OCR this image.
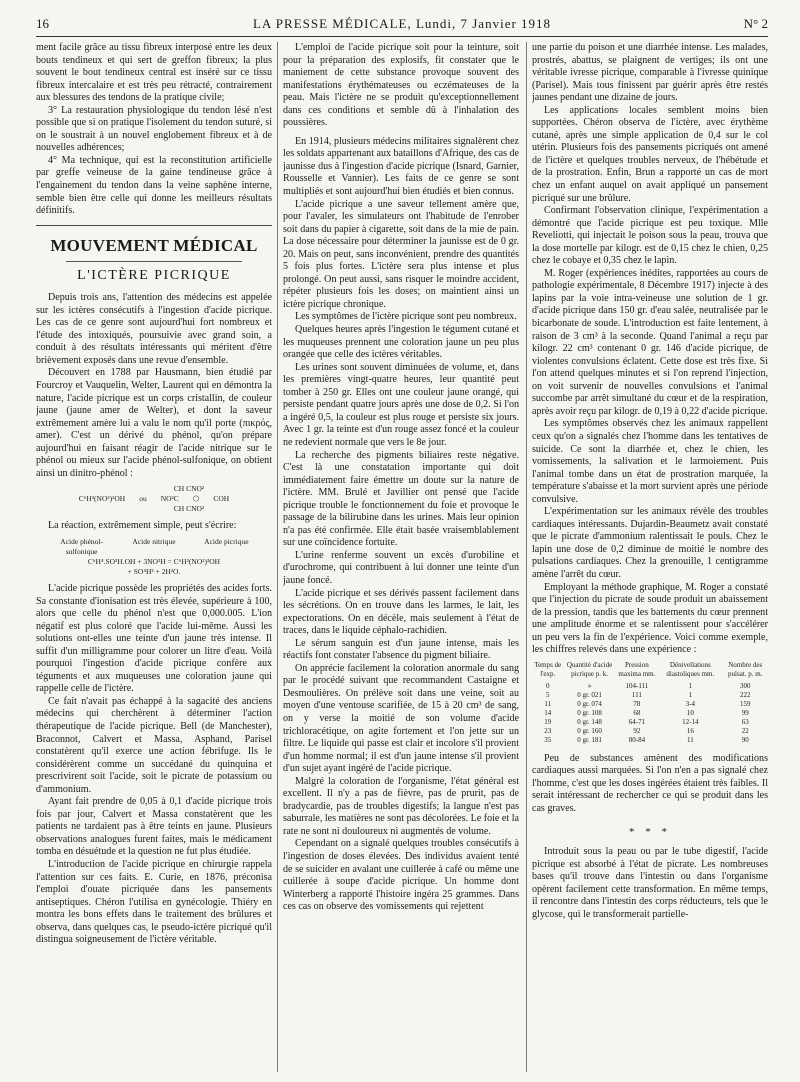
16	LA PRESSE MÉDICALE, Lundi, 7 Janvier 1918	N° 2

ment facile grâce au tissu fibreux interposé entre les deux bouts tendineux et qui sert de greffon fibreux; la plus souvent le bout tendineux central est inséré sur ce tissu fibreux intercalaire et est très peu rétracté, contrairement aux blessures des tendons de la pratique civile;

3° La restauration physiologique du tendon lésé n'est possible que si on pratique l'isolement du tendon suturé, si on le soustrait à un nouvel englobement fibreux et à de nouvelles adhérences;

4° Ma technique, qui est la reconstitution artificielle par greffe veineuse de la gaine tendineuse grâce à l'engainement du tendon dans la veine saphène interne, semble bien être celle qui donne les meilleurs résultats définitifs.

MOUVEMENT MÉDICAL
L'ICTÈRE PICRIQUE

Depuis trois ans, l'attention des médecins est appelée sur les ictères consécutifs à l'ingestion d'acide picrique. Les cas de ce genre sont aujourd'hui fort nombreux et l'étude des intoxiqués, poursuivie avec grand soin, a conduit à des résultats intéressants qui méritent d'être brièvement exposés dans une revue d'ensemble.

Découvert en 1788 par Hausmann, bien étudié par Fourcroy et Vauquelin, Welter, Laurent qui en démontra la nature, l'acide picrique est un corps cristallin, de couleur jaune (jaune amer de Welter), et dont la saveur extrêmement amère lui a valu le nom qu'il porte (πικρός, amer). C'est un dérivé du phénol, qu'on prépare aujourd'hui en faisant réagir de l'acide nitrique sur le phénol ou mieux sur l'acide phénol-sulfonique, on obtient ainsi un dinitro-phénol :

CH CNO²
C⁶H³(NO²)²OH ou NO²C ⬡ COH
CH CNO²

La réaction, extrêmement simple, peut s'écrire:

Acide phénol-sulfonique
Acide nitrique	Acide picrique
C⁶H⁴.SO³H.OH + 3NO³H = C⁶H²(NO²)³OH
+ SO⁴H² + 2H²O.

L'acide picrique possède les propriétés des acides forts. Sa constante d'ionisation est très élevée, supérieure à 100, alors que celle du phénol n'est que 0,000.005. L'ion négatif est plus coloré que l'acide lui-même. Aussi les solutions ont-elles une teinte d'un jaune très intense. Il suffit d'un milligramme pour colorer un litre d'eau. Voilà pourquoi l'ingestion d'acide picrique confère aux téguments et aux muqueuses une coloration jaune qui rappelle celle de l'ictère.

Ce fait n'avait pas échappé à la sagacité des anciens médecins qui cherchèrent à déterminer l'action thérapeutique de l'acide picrique. Bell (de Manchester), Braconnot, Calvert et Massa, Asphand, Parisel constatèrent qu'il exerce une action fébrifuge. Ils le considérèrent comme un succédané du quinquina et prescrivirent soit l'acide, soit le picrate de potassium ou d'ammonium.

Ayant fait prendre de 0,05 à 0,1 d'acide picrique trois fois par jour, Calvert et Massa constatèrent que les patients ne tardaient pas à être teints en jaune. Plusieurs observations analogues furent faites, mais le médicament tomba en désuétude et la question ne fut plus étudiée.

L'introduction de l'acide picrique en chirurgie rappela l'attention sur ces faits. E. Curie, en 1876, préconisa l'emploi d'ouate picriquée dans les pansements antiseptiques. Chéron l'utilisa en gynécologie. Thiéry en montra les bons effets dans le traitement des brûlures et observa, dans quelques cas, le pseudo-ictère picriqué qu'il distingua soigneusement de l'ictère véritable.

L'emploi de l'acide picrique soit pour la teinture, soit pour la préparation des explosifs, fit constater que le maniement de cette substance provoque souvent des manifestations érythémateuses ou eczémateuses de la peau. Mais l'ictère ne se produit qu'exceptionnellement dans ces conditions et semble dû à l'inhalation des poussières.

En 1914, plusieurs médecins militaires signalèrent chez les soldats appartenant aux bataillons d'Afrique, des cas de jaunisse dus à l'ingestion d'acide picrique (Isnard, Garnier, Rousselle et Vannier). Les faits de ce genre se sont multipliés et sont aujourd'hui bien étudiés et bien connus.

L'acide picrique a une saveur tellement amère que, pour l'avaler, les simulateurs ont l'habitude de l'enrober soit dans du papier à cigarette, soit dans de la mie de pain. La dose nécessaire pour déterminer la jaunisse est de 0 gr. 20. Mais on peut, sans inconvénient, prendre des quantités 5 fois plus fortes. L'ictère sera plus intense et plus prolongé. On peut aussi, sans risquer le moindre accident, répéter plusieurs fois les doses; on maintient ainsi un ictère picrique chronique.

Les symptômes de l'ictère picrique sont peu nombreux.

Quelques heures après l'ingestion le tégument cutané et les muqueuses prennent une coloration jaune un peu plus orangée que celle des ictères véritables.

Les urines sont souvent diminuées de volume, et, dans les premières vingt-quatre heures, leur quantité peut tomber à 250 gr. Elles ont une couleur jaune orangé, qui persiste pendant quatre jours après une dose de 0,2. Si l'on a ingéré 0,5, la couleur est plus rouge et persiste six jours. Avec 1 gr. la teinte est d'un rouge assez foncé et la couleur ne redevient normale que vers le 8e jour.

La recherche des pigments biliaires reste négative. C'est là une constatation importante qui doit immédiatement faire émettre un doute sur la nature de l'ictère. MM. Brulé et Javillier ont pensé que l'acide picrique trouble le fonctionnement du foie et provoque le passage de la bilirubine dans les urines. Mais leur opinion n'a pas été confirmée. Elle était basée vraisemblablement sur une coïncidence fortuite.

L'urine renferme souvent un excès d'urobiline et d'urochrome, qui contribuent à lui donner une teinte d'un jaune foncé.

L'acide picrique et ses dérivés passent facilement dans les sécrétions. On en trouve dans les larmes, le lait, les expectorations. On en décèle, mais seulement à l'état de traces, dans le liquide céphalo-rachidien.

Le sérum sanguin est d'un jaune intense, mais les réactifs font constater l'absence du pigment biliaire.

On apprécie facilement la coloration anormale du sang par le procédé suivant que recommandent Castaigne et Desmoulières. On prélève soit dans une veine, soit au moyen d'une ventouse scarifiée, de 15 à 20 cm³ de sang, on y verse la moitié de son volume d'acide trichloracétique, on agite fortement et l'on jette sur un filtre. Le liquide qui passe est clair et incolore s'il provient d'un homme normal; il est d'un jaune intense s'il provient d'un sujet ayant ingéré de l'acide picrique.

Malgré la coloration de l'organisme, l'état général est excellent. Il n'y a pas de fièvre, pas de prurit, pas de bradycardie, pas de troubles digestifs; la langue n'est pas saburrale, les matières ne sont pas décolorées. Le foie et la rate ne sont ni douloureux ni augmentés de volume.

Cependant on a signalé quelques troubles consécutifs à l'ingestion de doses élevées. Des individus avaient tenté de se suicider en avalant une cuillerée à café ou même une cuillerée à soupe d'acide picrique. Un homme dont Winterberg a rapporté l'histoire ingéra 25 grammes. Dans ces cas on observe des vomissements qui rejettent

une partie du poison et une diarrhée intense. Les malades, prostrés, abattus, se plaignent de vertiges; ils ont une véritable ivresse picrique, comparable à l'ivresse quinique (Parisel). Mais tous finissent par guérir après être restés jaunes pendant une dizaine de jours.

Les applications locales semblent moins bien supportées. Chéron observa de l'ictère, avec érythème cutané, après une simple application de 0,4 sur le col utérin. Plusieurs fois des pansements picriqués ont amené de l'ictère et quelques troubles nerveux, de l'hébétude et de la prostration. Enfin, Brun a rapporté un cas de mort chez un enfant auquel on avait appliqué un pansement picriqué sur une brûlure.

Confirmant l'observation clinique, l'expérimentation a démontré que l'acide picrique est peu toxique. Mlle Reveliotti, qui injectait le poison sous la peau, trouva que la dose mortelle par kilogr. est de 0,15 chez le chien, 0,25 chez le cobaye et 0,35 chez le lapin.

M. Roger (expériences inédites, rapportées au cours de pathologie expérimentale, 8 Décembre 1917) injecte à des lapins par la voie intra-veineuse une solution de 1 gr. d'acide picrique dans 150 gr. d'eau salée, neutralisée par le bicarbonate de soude. L'introduction est faite lentement, à raison de 3 cm³ à la seconde. Quand l'animal a reçu par kilogr. 22 cm³ contenant 0 gr. 146 d'acide picrique, de violentes convulsions éclatent. Cette dose est très fixe. Si l'on attend quelques minutes et si l'on reprend l'injection, on voit survenir de nouvelles convulsions et l'animal succombe par arrêt simultané du cœur et de la respiration, après avoir reçu par kilogr. de 0,19 à 0,22 d'acide picrique.

Les symptômes observés chez les animaux rappellent ceux qu'on a signalés chez l'homme dans les tentatives de suicide. Ce sont la diarrhée et, chez le chien, les vomissements, la salivation et le larmoiement. Puis l'animal tombe dans un état de prostration marquée, la température s'abaisse et la mort survient après une période convulsive.

L'expérimentation sur les animaux révèle des troubles cardiaques intéressants. Dujardin-Beaumetz avait constaté que le picrate d'ammonium ralentissait le pouls. Chez le lapin une dose de 0,2 diminue de moitié le nombre des pulsations cardiaques. Chez la grenouille, 1 centigramme amène l'arrêt du cœur.

Employant la méthode graphique, M. Roger a constaté que l'injection du picrate de soude produit un abaissement de la pression, tandis que les battements du cœur prennent une amplitude énorme et se ralentissent pour s'accélérer un peu vers la fin de l'expérience. Voici comme exemple, les chiffres relevés dans une expérience :

Temps de l'exp.	Quantité d'acide picrique p. k.	Pression maxima mm.	Dénivellations diastoliques mm.	Nombre des pulsat. p. m.
0	»	104-111	1	300
5	0 gr. 021	111	1	222
11	0 gr. 074	78	3-4	159
14	0 gr. 108	68	10	99
19	0 gr. 148	64-71	12-14	63
23	0 gr. 160	92	16	22
35	0 gr. 181	80-84	11	90

Peu de substances amènent des modifications cardiaques aussi marquées. Si l'on n'en a pas signalé chez l'homme, c'est que les doses ingérées étaient très faibles. Il serait intéressant de rechercher ce qui se produit dans les cas graves.

* * *

Introduit sous la peau ou par le tube digestif, l'acide picrique est absorbé à l'état de picrate. Les nombreuses bases qu'il trouve dans l'intestin ou dans l'organisme opèrent facilement cette transformation. En même temps, il rencontre dans l'intestin des corps réducteurs, tels que le glycose, qui le transformerait partielle-
